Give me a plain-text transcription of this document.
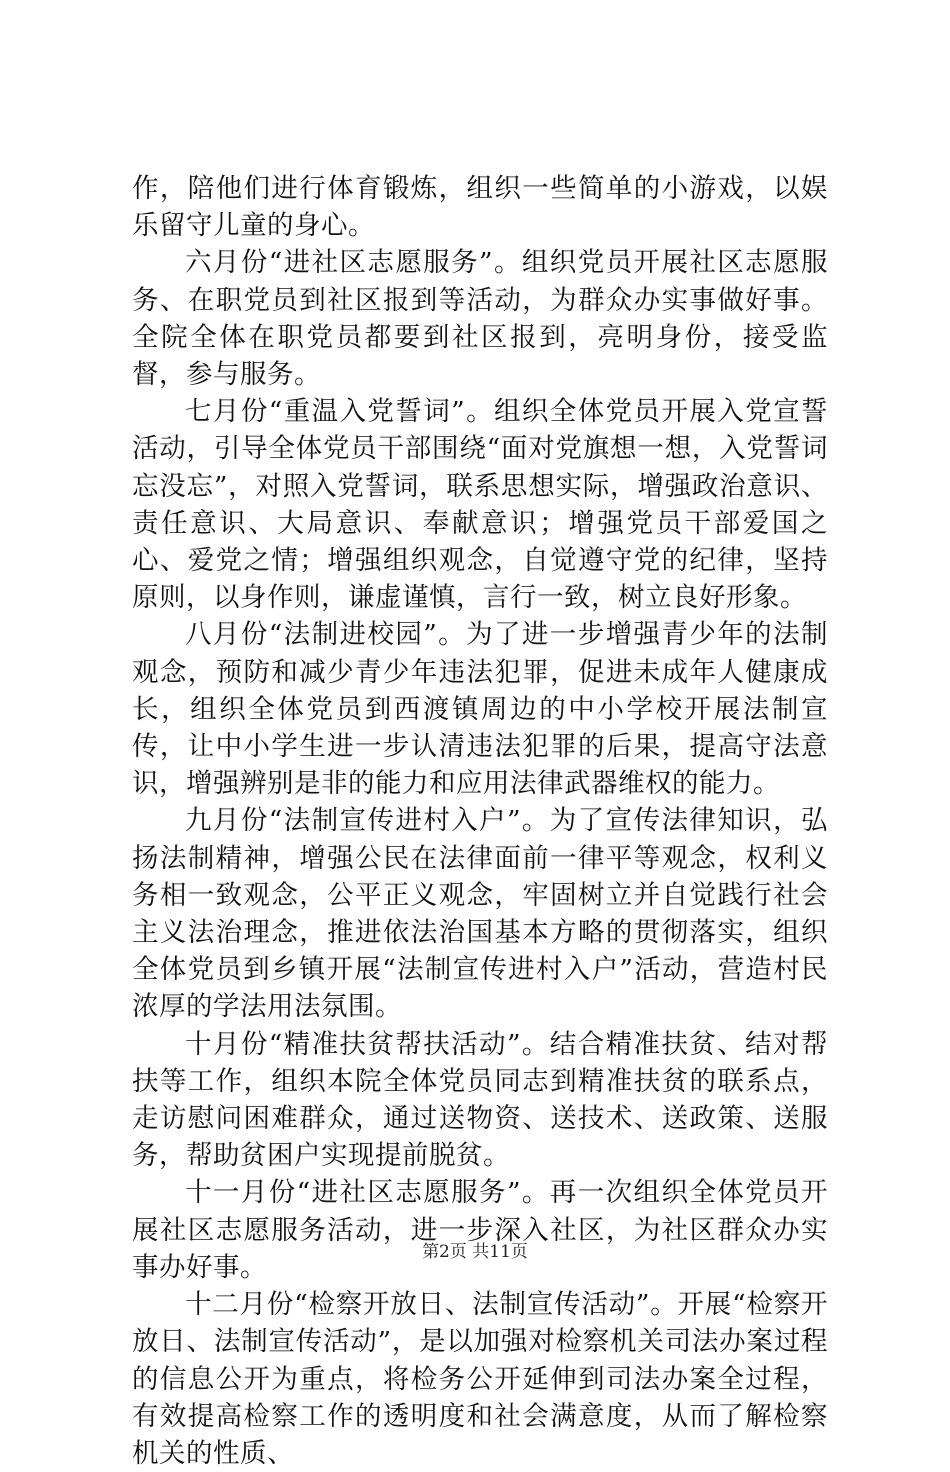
作，陪他们进行体育锻炼，组织一些简单的小游戏，以娱乐留守儿童的身心。

六月份“进社区志愿服务”。组织党员开展社区志愿服务、在职党员到社区报到等活动，为群众办实事做好事。全院全体在职党员都要到社区报到，亮明身份，接受监督，参与服务。

七月份“重温入党誓词”。组织全体党员开展入党宣誓活动，引导全体党员干部围绕“面对党旗想一想，入党誓词忘没忘”，对照入党誓词，联系思想实际，增强政治意识、责任意识、大局意识、奉献意识；增强党员干部爱国之心、爱党之情；增强组织观念，自觉遵守党的纪律，坚持原则，以身作则，谦虚谨慎，言行一致，树立良好形象。

八月份“法制进校园”。为了进一步增强青少年的法制观念，预防和减少青少年违法犯罪，促进未成年人健康成长，组织全体党员到西渡镇周边的中小学校开展法制宣传，让中小学生进一步认清违法犯罪的后果，提高守法意识，增强辨别是非的能力和应用法律武器维权的能力。

九月份“法制宣传进村入户”。为了宣传法律知识，弘扬法制精神，增强公民在法律面前一律平等观念，权利义务相一致观念，公平正义观念，牢固树立并自觉践行社会主义法治理念，推进依法治国基本方略的贯彻落实，组织全体党员到乡镇开展“法制宣传进村入户”活动，营造村民浓厚的学法用法氛围。

十月份“精准扶贫帮扶活动”。结合精准扶贫、结对帮扶等工作，组织本院全体党员同志到精准扶贫的联系点，走访慰问困难群众，通过送物资、送技术、送政策、送服务，帮助贫困户实现提前脱贫。

十一月份“进社区志愿服务”。再一次组织全体党员开展社区志愿服务活动，进一步深入社区，为社区群众办实事办好事。

十二月份“检察开放日、法制宣传活动”。开展“检察开放日、法制宣传活动”，是以加强对检察机关司法办案过程的信息公开为重点，将检务公开延伸到司法办案全过程，有效提高检察工作的透明度和社会满意度，从而了解检察机关的性质、

第2页 共11页
